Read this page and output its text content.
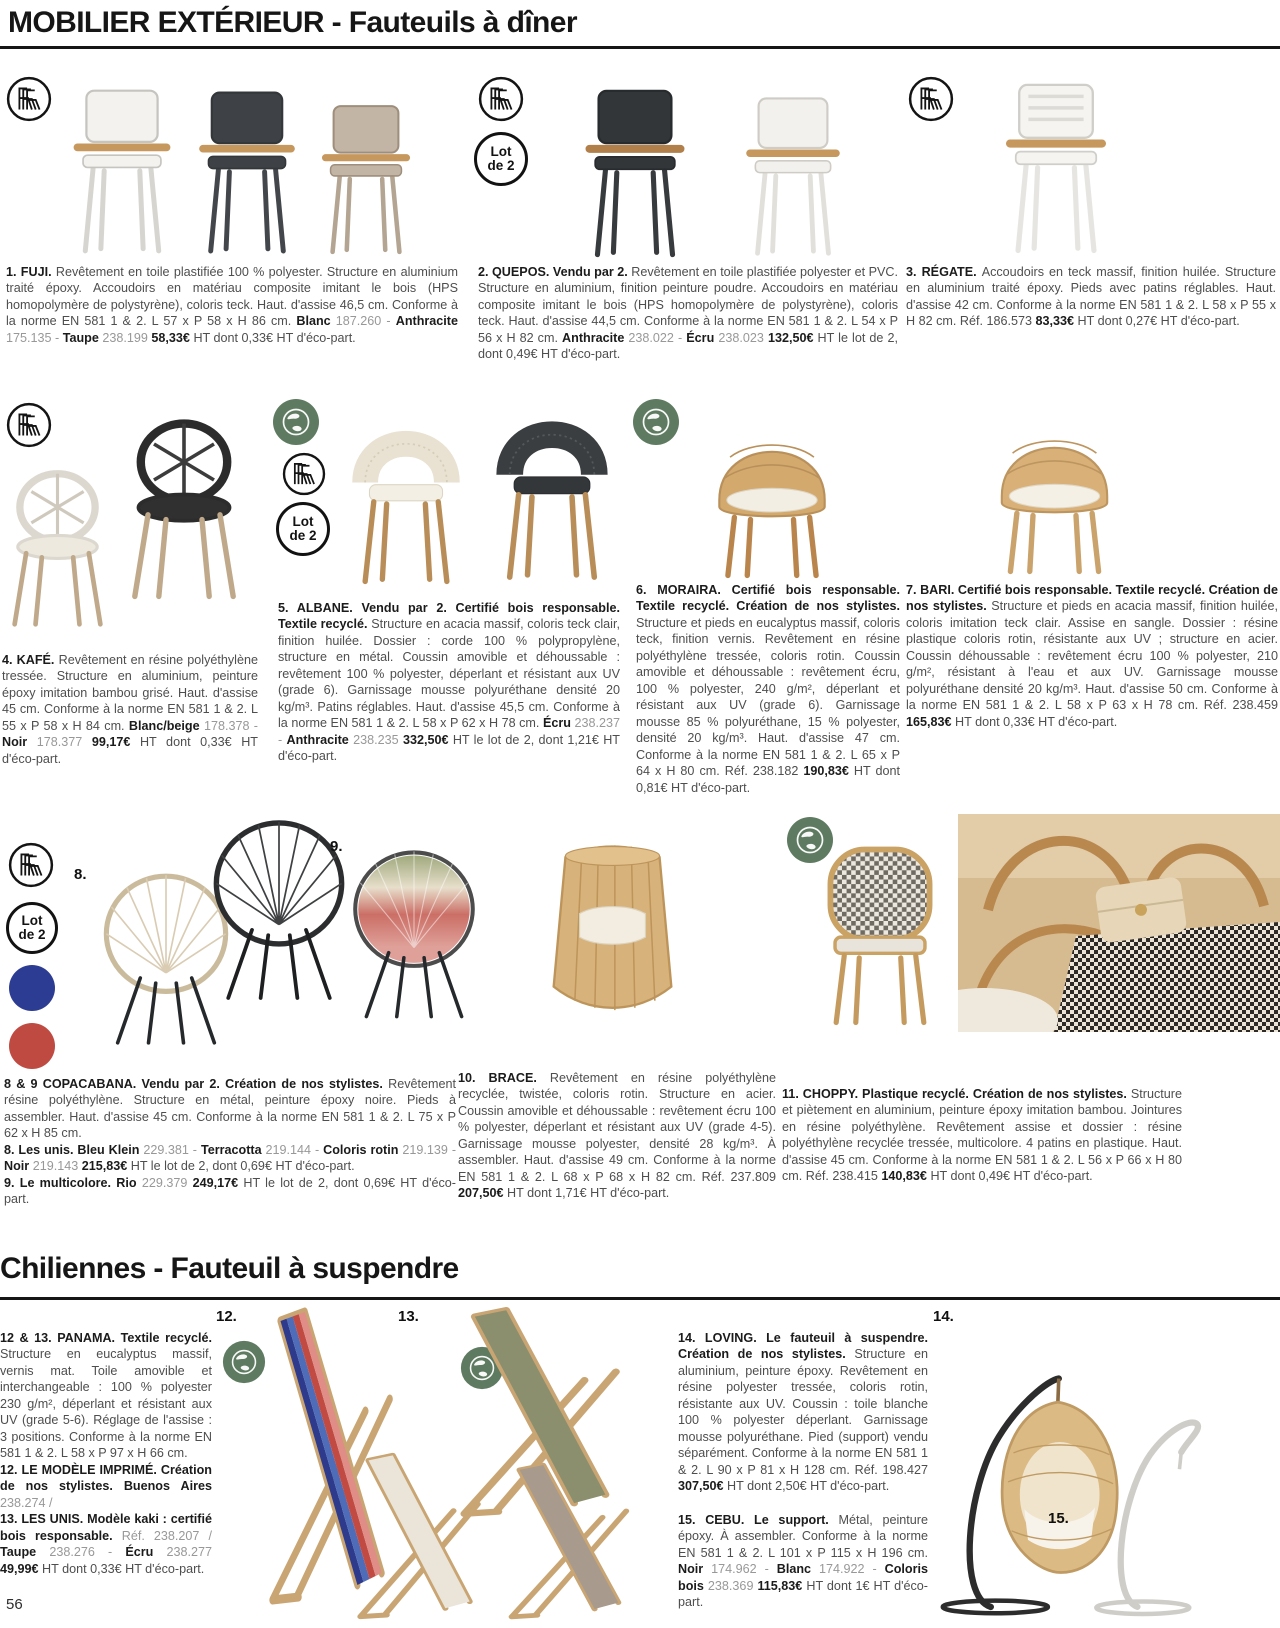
MOBILIER EXTÉRIEUR - Fauteuils à dîner
Lot
de 2
1. FUJI. Revêtement en toile plastifiée 100 % polyester. Structure en aluminium traité époxy. Accoudoirs en matériau composite imitant le bois (HPS homopolymère de polystyrène), coloris teck. Haut. d'assise 46,5 cm. Conforme à la norme EN 581 1 & 2. L 57 x P 58 x H 86 cm. Blanc 187.260 - Anthracite 175.135 - Taupe 238.199 58,33€ HT dont 0,33€ HT d'éco-part.
2. QUEPOS. Vendu par 2. Revêtement en toile plastifiée polyester et PVC. Structure en aluminium, finition peinture poudre. Accoudoirs en matériau composite imitant le bois (HPS homopolymère de polystyrène), coloris teck. Haut. d'assise 44,5 cm. Conforme à la norme EN 581 1 & 2. L 54 x P 56 x H 82 cm. Anthracite 238.022 - Écru 238.023 132,50€ HT le lot de 2, dont 0,49€ HT d'éco-part.
3. RÉGATE. Accoudoirs en teck massif, finition huilée. Structure en aluminium traité époxy. Pieds avec patins réglables. Haut. d'assise 42 cm. Conforme à la norme EN 581 1 & 2. L 58 x P 55 x H 82 cm. Réf. 186.573 83,33€ HT dont 0,27€ HT d'éco-part.
Lot
de 2
4. KAFÉ. Revêtement en résine polyéthylène tressée. Structure en aluminium, peinture époxy imitation bambou grisé. Haut. d'assise 45 cm. Conforme à la norme EN 581 1 & 2. L 55 x P 58 x H 84 cm. Blanc/beige 178.378 - Noir 178.377 99,17€ HT dont 0,33€ HT d'éco-part.
5. ALBANE. Vendu par 2. Certifié bois responsable. Textile recyclé. Structure en acacia massif, coloris teck clair, finition huilée. Dossier : corde 100 % polypropylène, structure en métal. Coussin amovible et déhoussable : revêtement 100 % polyester, déperlant et résistant aux UV (grade 6). Garnissage mousse polyuréthane densité 20 kg/m³. Patins réglables. Haut. d'assise 45,5 cm. Conforme à la norme EN 581 1 & 2. L 58 x P 62 x H 78 cm. Écru 238.237 - Anthracite 238.235 332,50€ HT le lot de 2, dont 1,21€ HT d'éco-part.
6. MORAIRA. Certifié bois responsable. Textile recyclé. Création de nos stylistes. Structure et pieds en eucalyptus massif, coloris teck, finition vernis. Revêtement en résine polyéthylène tressée, coloris rotin. Coussin amovible et déhoussable : revêtement écru, 100 % polyester, 240 g/m², déperlant et résistant aux UV (grade 6). Garnissage mousse 85 % polyuréthane, 15 % polyester, densité 20 kg/m³. Haut. d'assise 47 cm. Conforme à la norme EN 581 1 & 2. L 65 x P 64 x H 80 cm. Réf. 238.182 190,83€ HT dont 0,81€ HT d'éco-part.
7. BARI. Certifié bois responsable. Textile recyclé. Création de nos stylistes. Structure et pieds en acacia massif, finition huilée, coloris imitation teck clair. Assise en sangle. Dossier : résine plastique coloris rotin, résistante aux UV ; structure en acier. Coussin déhoussable : revêtement écru 100 % polyester, 210 g/m², résistant à l'eau et aux UV. Garnissage mousse polyuréthane densité 20 kg/m³. Haut. d'assise 50 cm. Conforme à la norme EN 581 1 & 2. L 58 x P 63 x H 78 cm. Réf. 238.459 165,83€ HT dont 0,33€ HT d'éco-part.
Lot
de 2
8.
9.
8 & 9 COPACABANA. Vendu par 2. Création de nos stylistes. Revêtement résine polyéthylène. Structure en métal, peinture époxy noire. Pieds à assembler. Haut. d'assise 45 cm. Conforme à la norme EN 581 1 & 2. L 75 x P 62 x H 85 cm.
8. Les unis. Bleu Klein 229.381 - Terracotta 219.144 - Coloris rotin 219.139 - Noir 219.143 215,83€ HT le lot de 2, dont 0,69€ HT d'éco-part.
9. Le multicolore. Rio 229.379 249,17€ HT le lot de 2, dont 0,69€ HT d'éco-part.
10. BRACE. Revêtement en résine polyéthylène recyclée, twistée, coloris rotin. Structure en acier. Coussin amovible et déhoussable : revêtement écru 100 % polyester, déperlant et résistant aux UV (grade 4-5). Garnissage mousse polyester, densité 28 kg/m³. À assembler. Haut. d'assise 49 cm. Conforme à la norme EN 581 1 & 2. L 68 x P 68 x H 82 cm. Réf. 237.809 207,50€ HT dont 1,71€ HT d'éco-part.
11. CHOPPY. Plastique recyclé. Création de nos stylistes. Structure et piètement en aluminium, peinture époxy imitation bambou. Jointures en résine polyéthylène. Revêtement assise et dossier : résine polyéthylène recyclée tressée, multicolore. 4 patins en plastique. Haut. d'assise 45 cm. Conforme à la norme EN 581 1 & 2. L 56 x P 66 x H 80 cm. Réf. 238.415 140,83€ HT dont 0,49€ HT d'éco-part.
Chiliennes - Fauteuil à suspendre
12 & 13. PANAMA. Textile recyclé. Structure en eucalyptus massif, vernis mat. Toile amovible et interchangeable : 100 % polyester 230 g/m², déperlant et résistant aux UV (grade 5-6). Réglage de l'assise : 3 positions. Conforme à la norme EN 581 1 & 2. L 58 x P 97 x H 66 cm.
12. LE MODÈLE IMPRIMÉ. Création de nos stylistes. Buenos Aires 238.274 /
13. LES UNIS. Modèle kaki : certifié bois responsable. Réf. 238.207 / Taupe 238.276 - Écru 238.277 49,99€ HT dont 0,33€ HT d'éco-part.
12.	13.
14. LOVING. Le fauteuil à suspendre. Création de nos stylistes. Structure en aluminium, peinture époxy. Revêtement en résine polyester tressée, coloris rotin, résistante aux UV. Coussin : toile blanche 100 % polyester déperlant. Garnissage mousse polyuréthane. Pied (support) vendu séparément. Conforme à la norme EN 581 1 & 2. L 90 x P 81 x H 128 cm. Réf. 198.427 307,50€ HT dont 2,50€ HT d'éco-part.
15. CEBU. Le support. Métal, peinture époxy. À assembler. Conforme à la norme EN 581 1 & 2. L 101 x P 115 x H 196 cm. Noir 174.962 - Blanc 174.922 - Coloris bois 238.369 115,83€ HT dont 1€ HT d'éco-part.
14.
15.
56
